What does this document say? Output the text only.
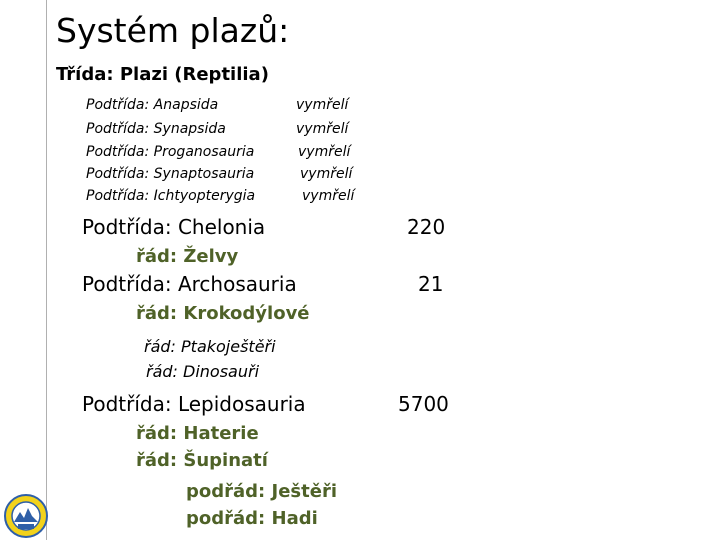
Systém plazů:
Třída: Plazi (Reptilia)
Podtřída: Anapsida	vymřelí
Podtřída: Synapsida	vymřelí
Podtřída: Proganosauria	vymřelí
Podtřída: Synaptosauria	vymřelí
Podtřída: Ichtyopterygia	vymřelí
Podtřída: Chelonia	220
řád: Želvy
Podtřída: Archosauria	21
řád: Krokodýlové
řád: Ptakoještěři
řád: Dinosauři
Podtřída: Lepidosauria	5700
řád: Haterie
řád: Šupinatí
podřád: Ještěři
podřád: Hadi
